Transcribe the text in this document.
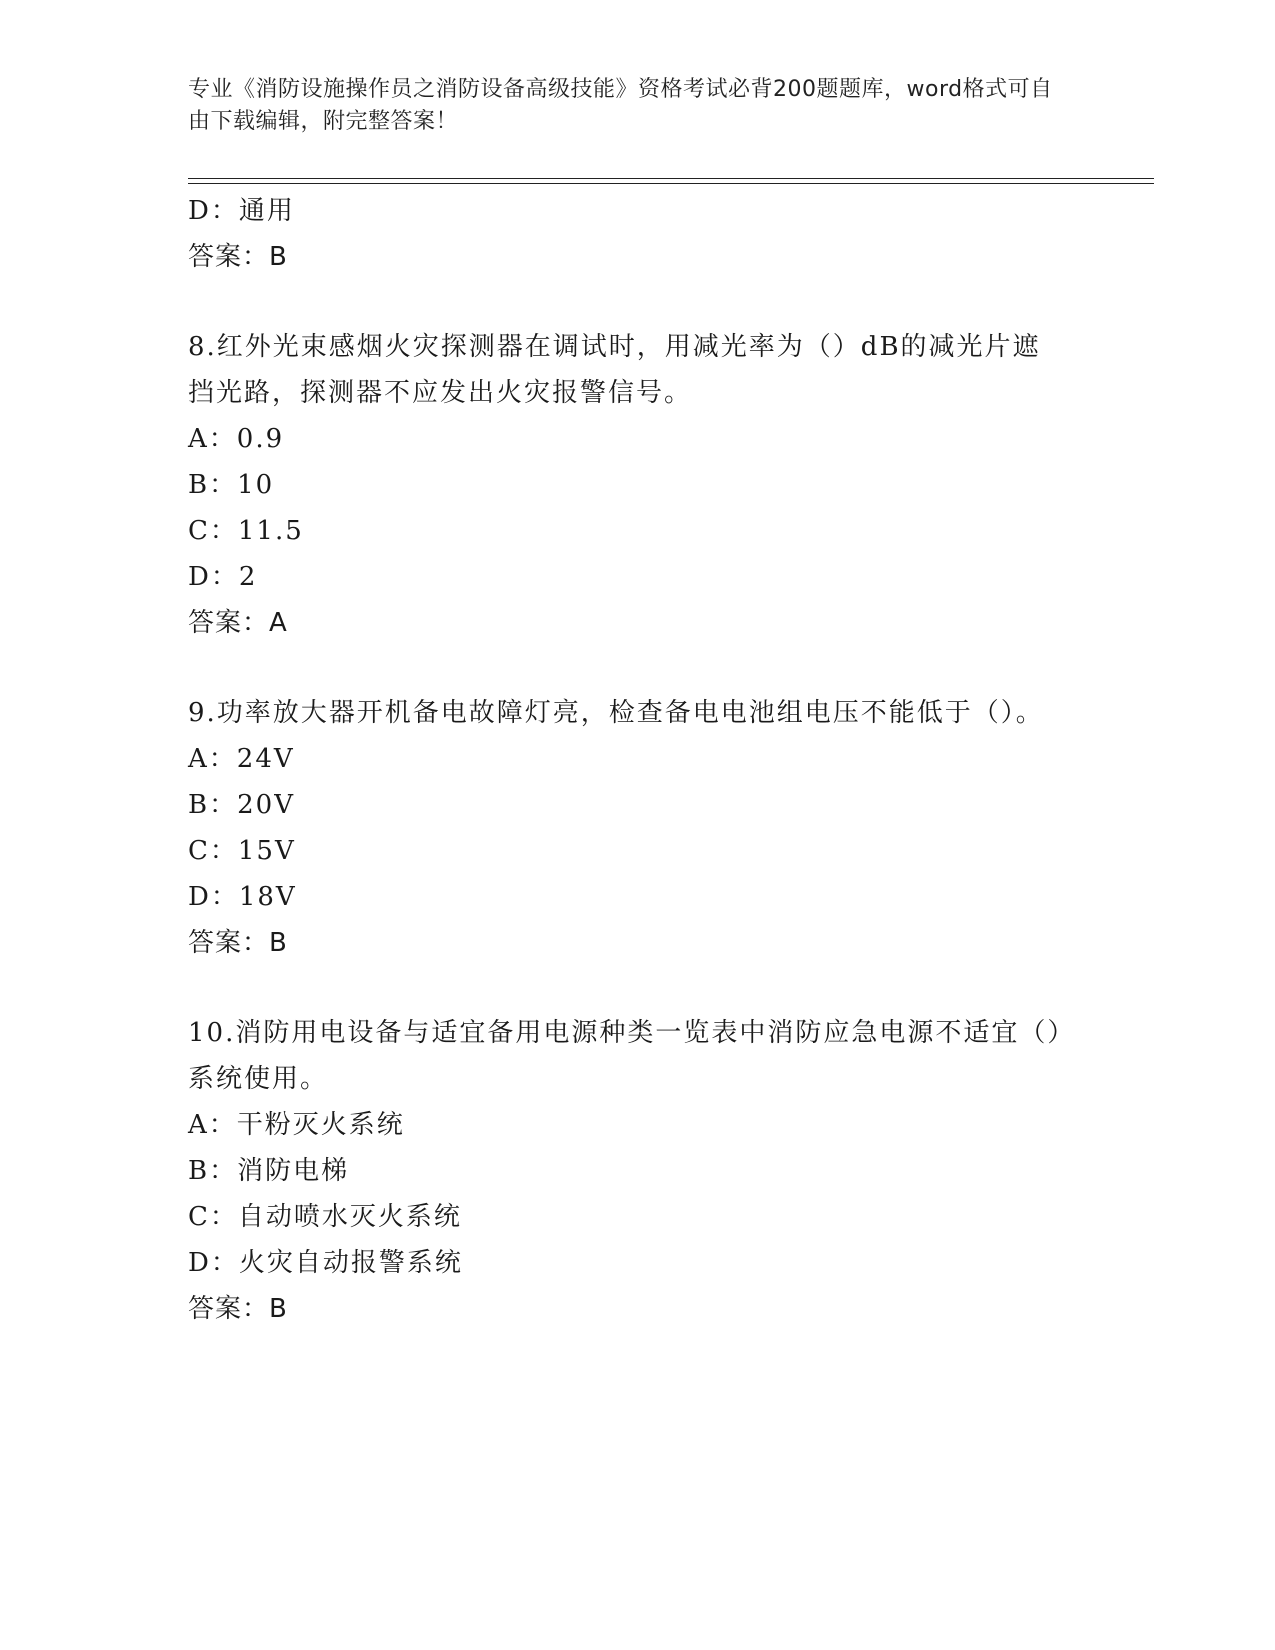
专业《消防设施操作员之消防设备高级技能》资格考试必背200题题库，word格式可自由下载编辑，附完整答案！
D：通用
答案：B
8.红外光束感烟火灾探测器在调试时，用减光率为（）dB的减光片遮挡光路，探测器不应发出火灾报警信号。
A：0.9
B：10
C：11.5
D：2
答案：A
9.功率放大器开机备电故障灯亮，检查备电电池组电压不能低于（）。
A：24V
B：20V
C：15V
D：18V
答案：B
10.消防用电设备与适宜备用电源种类一览表中消防应急电源不适宜（）系统使用。
A：干粉灭火系统
B：消防电梯
C：自动喷水灭火系统
D：火灾自动报警系统
答案：B
